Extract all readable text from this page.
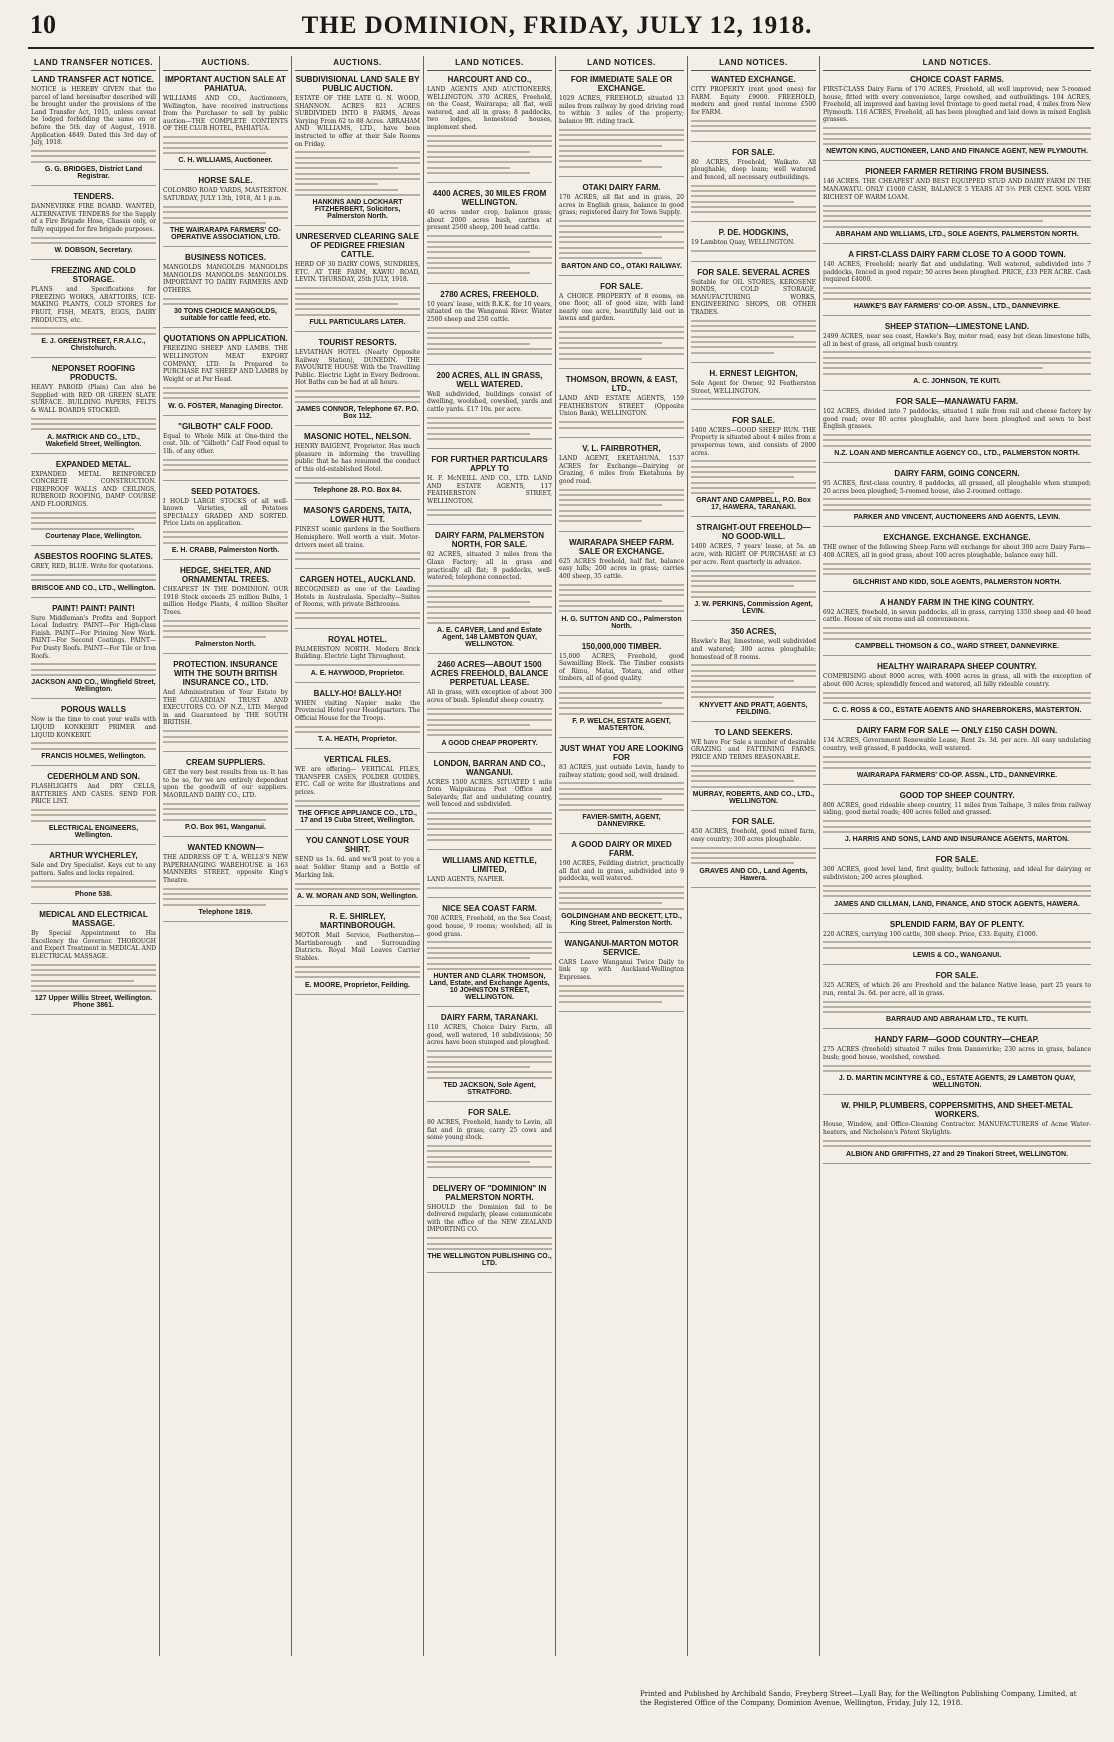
10	THE DOMINION, FRIDAY, JULY 12, 1918.
LAND TRANSFER NOTICES.
LAND TRANSFER ACT NOTICE.
NOTICE is HEREBY GIVEN that the parcel of land hereinafter described will be brought under the provisions of the Land Transfer Act, 1915, unless caveat be lodged forbidding the same on or before the 5th day of August, 1918. Application 4849. Dated this 3rd day of July, 1918.
G. G. BRIDGES, District Land Registrar.
TENDERS.
DANNEVIRKE FIRE BOARD. WANTED, ALTERNATIVE TENDERS for the Supply of a Fire Brigade Hose, Chassis only, or fully equipped for fire brigade purposes.
W. DOBSON, Secretary.
FREEZING AND COLD STORAGE.
PLANS and Specifications for FREEZING WORKS, ABATTOIRS, ICE-MAKING PLANTS, COLD STORES for FRUIT, FISH, MEATS, EGGS, DAIRY PRODUCTS, etc.
E. J. GREENSTREET, F.R.A.I.C., Christchurch.
NEPONSET ROOFING PRODUCTS.
HEAVY PAROID (Plain) Can also be Supplied with RED OR GREEN SLATE SURFACE. BUILDING PAPERS, FELTS & WALL BOARDS STOCKED.
A. MATRICK AND CO., LTD., Wakefield Street, Wellington.
EXPANDED METAL.
EXPANDED METAL REINFORCED CONCRETE CONSTRUCTION. FIREPROOF WALLS AND CEILINGS, RUBEROID ROOFING, DAMP COURSE AND FLOORINGS.
Courtenay Place, Wellington.
ASBESTOS ROOFING SLATES.
GREY, RED, BLUE. Write for quotations.
BRISCOE AND CO., LTD., Wellington.
PAINT! PAINT! PAINT!
Sure Middleman's Profits and Support Local Industry. PAINT—For High-class Finish. PAINT—For Priming New Work. PAINT—For Second Coatings. PAINT—For Dusty Roofs. PAINT—For Tile or Iron Roofs.
JACKSON AND CO., Wingfield Street, Wellington.
POROUS WALLS
Now is the time to coat your walls with LIQUID KONKERIT PRIMER and LIQUID KONKERIT.
FRANCIS HOLMES, Wellington.
CEDERHOLM AND SON.
FLASHLIGHTS And DRY CELLS, BATTERIES AND CASES. SEND FOR PRICE LIST.
ELECTRICAL ENGINEERS, Wellington.
ARTHUR WYCHERLEY,
Sale and Dry Specialist. Keys cut to any pattern. Safes and locks repaired.
Phone 538.
MEDICAL AND ELECTRICAL MASSAGE.
By Special Appointment to His Excellency the Governor. THOROUGH and Expert Treatment in MEDICAL AND ELECTRICAL MASSAGE.
127 Upper Willis Street, Wellington. Phone 3861.
AUCTIONS.
IMPORTANT AUCTION SALE AT PAHIATUA.
WILLIAMS AND CO., Auctioneers, Wellington, have received instructions from the Purchaser to sell by public auction—THE COMPLETE CONTENTS OF THE CLUB HOTEL, PAHIATUA.
C. H. WILLIAMS, Auctioneer.
HORSE SALE.
COLOMBO ROAD YARDS, MASTERTON. SATURDAY, JULY 13th, 1918, At 1 p.m.
THE WAIRARAPA FARMERS' CO-OPERATIVE ASSOCIATION, LTD.
BUSINESS NOTICES.
MANGOLDS MANGOLDS MANGOLDS MANGOLDS MANGOLDS MANGOLDS. IMPORTANT TO DAIRY FARMERS AND OTHERS.
30 TONS CHOICE MANGOLDS, suitable for cattle feed, etc.
QUOTATIONS ON APPLICATION.
FREEZING SHEEP AND LAMBS. THE WELLINGTON MEAT EXPORT COMPANY, LTD. Is Prepared to PURCHASE FAT SHEEP AND LAMBS by Weight or at Per Head.
W. G. FOSTER, Managing Director.
"GILBOTH" CALF FOOD.
Equal to Whole Milk at One-third the cost. 5lb. of "Gilboth" Calf Food equal to 1lb. of any other.
SEED POTATOES.
I HOLD LARGE STOCKS of all well-known Varieties, all Potatoes SPECIALLY GRADED AND SORTED. Price Lists on application.
E. H. CRABB, Palmerston North.
HEDGE, SHELTER, AND ORNAMENTAL TREES.
CHEAPEST IN THE DOMINION. OUR 1918 Stock exceeds 25 million Bulbs, 1 million Hedge Plants, 4 million Shelter Trees.
Palmerston North.
PROTECTION. INSURANCE WITH THE SOUTH BRITISH INSURANCE CO., LTD.
And Administration of Your Estate by THE GUARDIAN TRUST AND EXECUTORS CO. OF N.Z., LTD. Merged in and Guaranteed by THE SOUTH BRITISH.
CREAM SUPPLIERS.
GET the very best results from us. It has to be so, for we are entirely dependent upon the goodwill of our suppliers. MAORILAND DAIRY CO., LTD.
P.O. Box 961, Wanganui.
WANTED KNOWN—
THE ADDRESS OF T. A. WELLS'S NEW PAPERHANGING WAREHOUSE is 163 MANNERS STREET, opposite King's Theatre.
Telephone 1819.
AUCTIONS.
SUBDIVISIONAL LAND SALE BY PUBLIC AUCTION.
ESTATE OF THE LATE G. N. WOOD, SHANNON. ACRES 821 ACRES SUBDIVIDED INTO 8 FARMS, Areas Varying From 62 to 88 Acres. ABRAHAM AND WILLIAMS, LTD., have been instructed to offer at their Sale Rooms on Friday.
HANKINS AND LOCKHART FITZHERBERT, Solicitors, Palmerston North.
UNRESERVED CLEARING SALE OF PEDIGREE FRIESIAN CATTLE.
HERD OF 30 DAIRY COWS, SUNDRIES, ETC. AT THE FARM, KAWIU ROAD, LEVIN. THURSDAY, 25th JULY, 1918.
FULL PARTICULARS LATER.
TOURIST RESORTS.
LEVIATHAN HOTEL (Nearly Opposite Railway Station), DUNEDIN. THE FAVOURITE HOUSE With the Travelling Public. Electric Light in Every Bedroom. Hot Baths can be had at all hours.
JAMES CONNOR, Telephone 67. P.O. Box 112.
MASONIC HOTEL, NELSON.
HENRY BAIGENT, Proprietor. Has much pleasure in informing the travelling public that he has resumed the conduct of this old-established Hotel.
Telephone 28. P.O. Box 84.
MASON'S GARDENS, TAITA, LOWER HUTT.
FINEST scenic gardens in the Southern Hemisphere. Well worth a visit. Motor-drivers meet all trains.
CARGEN HOTEL, AUCKLAND.
RECOGNISED as one of the Leading Hotels in Australasia. Specialty—Suites of Rooms, with private Bathrooms.
ROYAL HOTEL.
PALMERSTON NORTH. Modern Brick Building. Electric Light Throughout.
A. E. HAYWOOD, Proprietor.
BALLY-HO! BALLY-HO!
WHEN visiting Napier make the Provincial Hotel your Headquarters. The Official House for the Troops.
T. A. HEATH, Proprietor.
VERTICAL FILES.
WE are offering— VERTICAL FILES, TRANSFER CASES, FOLDER GUIDES, ETC. Call or write for illustrations and prices.
THE OFFICE APPLIANCE CO., LTD., 17 and 19 Cuba Street, Wellington.
YOU CANNOT LOSE YOUR SHIRT.
SEND us 1s. 6d. and we'll post to you a neat Soldier Stamp and a Bottle of Marking Ink.
A. W. MORAN AND SON, Wellington.
R. E. SHIRLEY, MARTINBOROUGH.
MOTOR Mail Service, Featherston—Martinborough and Surrounding Districts. Royal Mail Leaves Carrier Stables.
E. MOORE, Proprietor, Feilding.
LAND NOTICES.
HARCOURT AND CO.,
LAND AGENTS AND AUCTIONEERS, WELLINGTON. 370 ACRES, Freehold, on the Coast, Wairarapa; all flat, well watered, and all in grass; 8 paddocks, two lodges, homestead houses, implement shed.
4400 ACRES, 30 MILES FROM WELLINGTON.
40 acres under crop, balance grass; about 2000 acres bush, carries at present 2500 sheep, 200 head cattle.
2780 ACRES, FREEHOLD.
10 years' lease, with R.K.K. for 10 years, situated on the Wanganui River. Winter 2500 sheep and 250 cattle.
200 ACRES, ALL IN GRASS, WELL WATERED.
Well subdivided, buildings consist of dwelling, woolshed, cowshed, yards and cattle yards. £17 10s. per acre.
FOR FURTHER PARTICULARS APPLY TO
H. F. McNEILL AND CO., LTD. LAND AND ESTATE AGENTS, 117 FEATHERSTON STREET, WELLINGTON.
DAIRY FARM, PALMERSTON NORTH, FOR SALE.
92 ACRES, situated 3 miles from the Glaxo Factory; all in grass and practically all flat; 8 paddocks, well-watered; telephone connected.
A. E. CARVER, Land and Estate Agent, 148 LAMBTON QUAY, WELLINGTON.
2460 ACRES—ABOUT 1500 ACRES FREEHOLD, BALANCE PERPETUAL LEASE.
All in grass, with exception of about 300 acres of bush. Splendid sheep country.
A GOOD CHEAP PROPERTY.
LONDON, BARRAN AND CO., WANGANUI.
ACRES 1500 ACRES. SITUATED 1 mile from Waipukurau Post Office and Saleyards; flat and undulating country, well fenced and subdivided.
WILLIAMS AND KETTLE, LIMITED,
LAND AGENTS, NAPIER.
NICE SEA COAST FARM.
700 ACRES, Freehold, on the Sea Coast; good house, 9 rooms; woolshed; all in good grass.
HUNTER AND CLARK THOMSON, Land, Estate, and Exchange Agents, 10 JOHNSTON STREET, WELLINGTON.
DAIRY FARM, TARANAKI.
110 ACRES, Choice Dairy Farm, all good, well watered, 10 subdivisions; 50 acres have been stumped and ploughed.
TED JACKSON, Sole Agent, STRATFORD.
FOR SALE.
80 ACRES, Freehold, handy to Levin, all flat and in grass; carry 25 cows and some young stock.
DELIVERY OF "DOMINION" IN PALMERSTON NORTH.
SHOULD the Dominion fail to be delivered regularly, please communicate with the office of the NEW ZEALAND IMPORTING CO.
THE WELLINGTON PUBLISHING CO., LTD.
LAND NOTICES.
FOR IMMEDIATE SALE OR EXCHANGE.
1029 ACRES, FREEHOLD, situated 13 miles from railway by good driving road to within 3 miles of the property; balance 9ft. riding track.
OTAKI DAIRY FARM.
170 ACRES, all flat and in grass, 20 acres in English grass, balance in good grass; registered dairy for Town Supply.
BARTON AND CO., OTAKI RAILWAY.
FOR SALE.
A CHOICE PROPERTY of 8 rooms, on one floor, all of good size, with land nearly one acre, beautifully laid out in lawns and garden.
THOMSON, BROWN, & EAST, LTD.,
LAND AND ESTATE AGENTS, 159 FEATHERSTON STREET (Opposite Union Bank), WELLINGTON.
V. L. FAIRBROTHER,
LAND AGENT, EKETAHUNA. 1537 ACRES for Exchange—Dairying or Grazing, 6 miles from Eketahuna by good road.
WAIRARAPA SHEEP FARM. SALE OR EXCHANGE.
625 ACRES freehold, half flat, balance easy hills; 200 acres in grass; carries 400 sheep, 35 cattle.
H. G. SUTTON AND CO., Palmerston North.
150,000,000 TIMBER.
15,000 ACRES, Freehold, good Sawmilling Block. The Timber consists of Rimu, Matai, Totara, and other timbers, all of good quality.
F. P. WELCH, ESTATE AGENT, MASTERTON.
JUST WHAT YOU ARE LOOKING FOR
83 ACRES, just outside Levin, handy to railway station; good soil, well drained.
FAVIER-SMITH, AGENT, DANNEVIRKE.
A GOOD DAIRY OR MIXED FARM.
190 ACRES, Feilding district, practically all flat and in grass, subdivided into 9 paddocks, well watered.
GOLDINGHAM AND BECKETT, LTD., King Street, Palmerston North.
WANGANUI-MARTON MOTOR SERVICE.
CARS Leave Wanganui Twice Daily to link up with Auckland-Wellington Expresses.
LAND NOTICES.
WANTED EXCHANGE.
CITY PROPERTY (rent good ones) for FARM. Equity £9000. FREEHOLD, modern and good rental income £500 for FARM.
FOR SALE.
80 ACRES, Freehold, Waikato. All ploughable, deep loam; well watered and fenced, all necessary outbuildings.
P. DE. HODGKINS,
19 Lambton Quay, WELLINGTON.
FOR SALE. SEVERAL ACRES
Suitable for OIL STORES, KEROSENE BONDS, COLD STORAGE, MANUFACTURING WORKS, ENGINEERING SHOPS, OR OTHER TRADES.
H. ERNEST LEIGHTON,
Sole Agent for Owner, 92 Featherston Street, WELLINGTON.
FOR SALE.
1400 ACRES—GOOD SHEEP RUN. THE Property is situated about 4 miles from a prosperous town, and consists of 2000 acres.
GRANT AND CAMPBELL, P.O. Box 17, HAWERA, TARANAKI.
STRAIGHT-OUT FREEHOLD—NO GOOD-WILL.
1400 ACRES, 7 years' lease, at 5s. an acre, with RIGHT OF PURCHASE at £3 per acre. Rent quarterly in advance.
J. W. PERKINS, Commission Agent, LEVIN.
350 ACRES,
Hawke's Bay, limestone, well subdivided and watered; 300 acres ploughable; homestead of 8 rooms.
KNYVETT AND PRATT, AGENTS, FEILDING.
TO LAND SEEKERS.
WE have For Sale a number of desirable GRAZING and FATTENING FARMS. PRICE AND TERMS REASONABLE.
MURRAY, ROBERTS, AND CO., LTD., WELLINGTON.
FOR SALE.
450 ACRES, freehold, good mixed farm, easy country; 300 acres ploughable.
GRAVES AND CO., Land Agents, Hawera.
LAND NOTICES.
CHOICE COAST FARMS.
FIRST-CLASS Dairy Farm of 170 ACRES, Freehold, all well improved; new 5-roomed house, fitted with every convenience, large cowshed, and outbuildings. 104 ACRES, Freehold, all improved and having level frontage to good metal road, 4 miles from New Plymouth. 116 ACRES, Freehold, all has been ploughed and laid down in mixed English grasses.
NEWTON KING, AUCTIONEER, LAND AND FINANCE AGENT, NEW PLYMOUTH.
PIONEER FARMER RETIRING FROM BUSINESS.
146 ACRES. THE CHEAPEST AND BEST EQUIPPED STUD AND DAIRY FARM IN THE MANAWATU. ONLY £1000 CASH, BALANCE 5 YEARS AT 5½ PER CENT. SOIL VERY RICHEST OF WARM LOAM.
ABRAHAM AND WILLIAMS, LTD., SOLE AGENTS, PALMERSTON NORTH.
A FIRST-CLASS DAIRY FARM CLOSE TO A GOOD TOWN.
140 ACRES, Freehold; nearly flat and undulating. Well watered, subdivided into 7 paddocks, fenced in good repair; 50 acres been ploughed. PRICE, £33 PER ACRE. Cash required £4000.
HAWKE'S BAY FARMERS' CO-OP. ASSN., LTD., DANNEVIRKE.
SHEEP STATION—LIMESTONE LAND.
2499 ACRES, near sea coast, Hawke's Bay, motor road, easy but clean limestone hills, all in best of grass, all original bush country.
A. C. JOHNSON, TE KUITI.
FOR SALE—MANAWATU FARM.
102 ACRES, divided into 7 paddocks, situated 1 mile from rail and cheese factory by good road; over 80 acres ploughable, and have been ploughed and sown to best English grasses.
N.Z. LOAN AND MERCANTILE AGENCY CO., LTD., PALMERSTON NORTH.
DAIRY FARM, GOING CONCERN.
95 ACRES, first-class country, 8 paddocks, all grassed, all ploughable when stumped; 20 acres been ploughed; 5-roomed house, also 2-roomed cottage.
PARKER AND VINCENT, AUCTIONEERS AND AGENTS, LEVIN.
EXCHANGE. EXCHANGE. EXCHANGE.
THE owner of the following Sheep Farm will exchange for about 300 acre Dairy Farm— 408 ACRES, all in good grass, about 100 acres ploughable, balance easy hill.
GILCHRIST AND KIDD, SOLE AGENTS, PALMERSTON NORTH.
A HANDY FARM IN THE KING COUNTRY.
692 ACRES, freehold, in seven paddocks, all in grass, carrying 1350 sheep and 40 head cattle. House of six rooms and all conveniences.
CAMPBELL THOMSON & CO., WARD STREET, DANNEVIRKE.
HEALTHY WAIRARAPA SHEEP COUNTRY.
COMPRISING about 8000 acres, with 4000 acres in grass, all with the exception of about 600 Acres; splendidly fenced and watered, all hilly rideable country.
C. C. ROSS & CO., ESTATE AGENTS AND SHAREBROKERS, MASTERTON.
DAIRY FARM FOR SALE — ONLY £150 CASH DOWN.
134 ACRES, Government Renewable Lease, Rent 2s. 3d. per acre. All easy undulating country, well grassed, 8 paddocks, well watered.
WAIRARAPA FARMERS' CO-OP. ASSN., LTD., DANNEVIRKE.
GOOD TOP SHEEP COUNTRY.
800 ACRES, good rideable sheep country, 11 miles from Taihape, 3 miles from railway siding, good metal roads; 400 acres felled and grassed.
J. HARRIS AND SONS, LAND AND INSURANCE AGENTS, MARTON.
FOR SALE.
300 ACRES, good level land, first quality, bullock fattening, and ideal for dairying or subdivision; 200 acres ploughed.
JAMES AND CILLMAN, LAND, FINANCE, AND STOCK AGENTS, HAWERA.
SPLENDID FARM, BAY OF PLENTY.
220 ACRES, carrying 100 cattle, 300 sheep. Price, £33. Equity, £1000.
LEWIS & CO., WANGANUI.
FOR SALE.
325 ACRES, of which 26 are Freehold and the balance Native lease, part 25 years to run, rental 3s. 6d. per acre, all in grass.
BARRAUD AND ABRAHAM LTD., TE KUITI.
HANDY FARM—GOOD COUNTRY—CHEAP.
275 ACRES (freehold) situated 7 miles from Dannevirke; 230 acres in grass, balance bush; good house, woolshed, cowshed.
J. D. MARTIN MCINTYRE & CO., ESTATE AGENTS, 29 LAMBTON QUAY, WELLINGTON.
W. PHILP, PLUMBERS, COPPERSMITHS, AND SHEET-METAL WORKERS.
House, Window, and Office-Cleaning Contractor. MANUFACTURERS of Acme Water-heaters, and Nicholson's Patent Skylights.
ALBION AND GRIFFITHS, 27 and 29 Tinakori Street, WELLINGTON.
Printed and Published by Archibald Sando, Freyberg Street—Lyall Bay, for the Wellington Publishing Company, Limited, at the Registered Office of the Company, Dominion Avenue, Wellington, Friday, July 12, 1918.
